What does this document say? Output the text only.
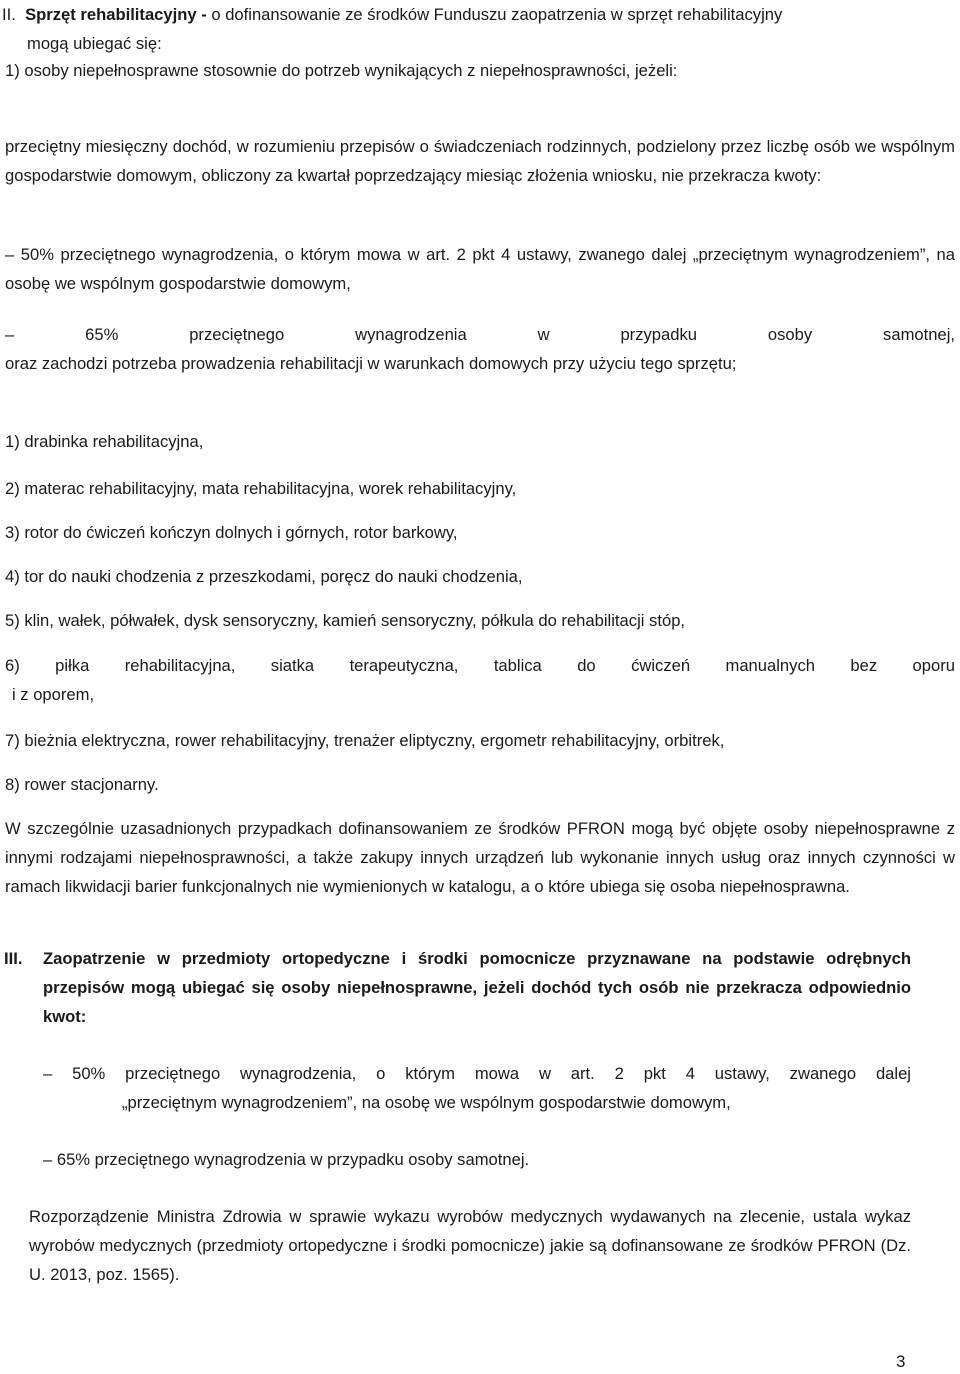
II. Sprzęt rehabilitacyjny - o dofinansowanie ze środków Funduszu zaopatrzenia w sprzęt rehabilitacyjny
mogą ubiegać się:
1) osoby niepełnosprawne stosownie do potrzeb wynikających z niepełnosprawności, jeżeli:
przeciętny miesięczny dochód, w rozumieniu przepisów o świadczeniach rodzinnych, podzielony przez liczbę osób we wspólnym gospodarstwie domowym, obliczony za kwartał poprzedzający miesiąc złożenia wniosku, nie przekracza kwoty:
– 50% przeciętnego wynagrodzenia, o którym mowa w art. 2 pkt 4 ustawy, zwanego dalej „przeciętnym wynagrodzeniem”, na osobę we wspólnym gospodarstwie domowym,
– 65% przeciętnego wynagrodzenia w przypadku osoby samotnej,
oraz zachodzi potrzeba prowadzenia rehabilitacji w warunkach domowych przy użyciu tego sprzętu;
1) drabinka rehabilitacyjna,
2) materac rehabilitacyjny, mata rehabilitacyjna, worek rehabilitacyjny,
3) rotor do ćwiczeń kończyn dolnych i górnych, rotor barkowy,
4) tor do nauki chodzenia z przeszkodami, poręcz do nauki chodzenia,
5) klin, wałek, półwałek, dysk sensoryczny, kamień sensoryczny, półkula do rehabilitacji stóp,
6) piłka rehabilitacyjna, siatka terapeutyczna, tablica do ćwiczeń manualnych bez oporu
i z oporem,
7) bieżnia elektryczna, rower rehabilitacyjny, trenażer eliptyczny, ergometr rehabilitacyjny, orbitrek,
8) rower stacjonarny.
W szczególnie uzasadnionych przypadkach dofinansowaniem ze środków PFRON mogą być objęte osoby niepełnosprawne z innymi rodzajami niepełnosprawności, a także zakupy innych urządzeń lub wykonanie innych usług oraz innych czynności w ramach likwidacji barier funkcjonalnych nie wymienionych w katalogu, a o które ubiega się osoba niepełnosprawna.
III.	Zaopatrzenie w przedmioty ortopedyczne i środki pomocnicze przyznawane na podstawie odrębnych przepisów mogą ubiegać się osoby niepełnosprawne, jeżeli dochód tych osób nie przekracza odpowiednio kwot:
– 50% przeciętnego wynagrodzenia, o którym mowa w art. 2 pkt 4 ustawy, zwanego dalej
„przeciętnym wynagrodzeniem”, na osobę we wspólnym gospodarstwie domowym,
– 65% przeciętnego wynagrodzenia w przypadku osoby samotnej.
Rozporządzenie Ministra Zdrowia w sprawie wykazu wyrobów medycznych wydawanych na zlecenie, ustala wykaz wyrobów medycznych (przedmioty ortopedyczne i środki pomocnicze) jakie są dofinansowane ze środków PFRON (Dz. U. 2013, poz. 1565).
3
